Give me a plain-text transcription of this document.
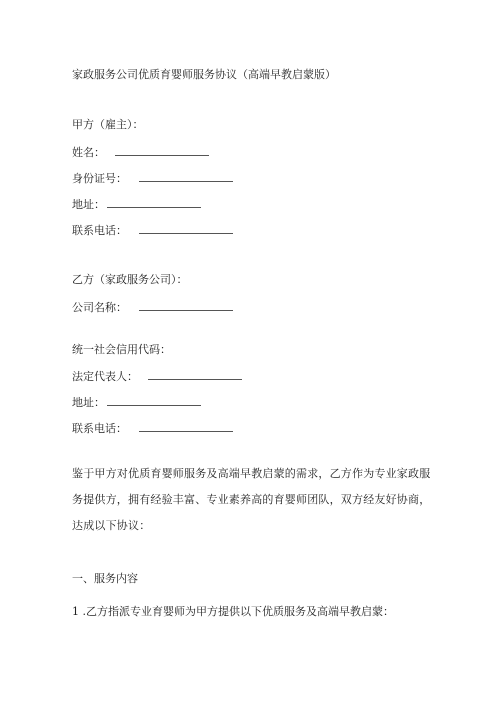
家政服务公司优质育婴师服务协议（高端早教启蒙版）
甲方（雇主）：
姓名：
身份证号：
地址：
联系电话：
乙方（家政服务公司）：
公司名称：
统一社会信用代码：
法定代表人：
地址：
联系电话：
鉴于甲方对优质育婴师服务及高端早教启蒙的需求，乙方作为专业家政服
务提供方，拥有经验丰富、专业素养高的育婴师团队，双方经友好协商，
达成以下协议：
一、服务内容
1 .乙方指派专业育婴师为甲方提供以下优质服务及高端早教启蒙：
